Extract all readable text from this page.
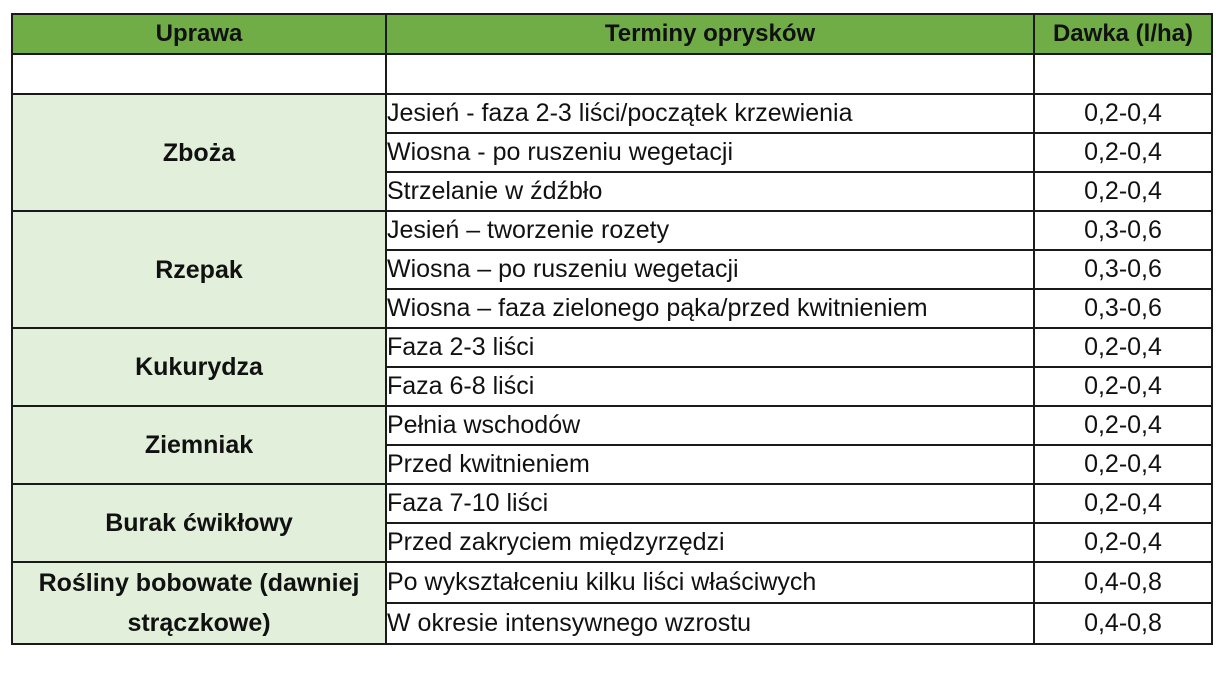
Uprawa	Terminy oprysków	Dawka (l/ha)

Zboża	Jesień - faza 2-3 liści/początek krzewienia	0,2-0,4
	Wiosna - po ruszeniu wegetacji	0,2-0,4
	Strzelanie w źdźbło	0,2-0,4
Rzepak	Jesień – tworzenie rozety	0,3-0,6
	Wiosna – po ruszeniu wegetacji	0,3-0,6
	Wiosna – faza zielonego pąka/przed kwitnieniem	0,3-0,6
Kukurydza	Faza 2-3 liści	0,2-0,4
	Faza 6-8 liści	0,2-0,4
Ziemniak	Pełnia wschodów	0,2-0,4
	Przed kwitnieniem	0,2-0,4
Burak ćwikłowy	Faza 7-10 liści	0,2-0,4
	Przed zakryciem międzyrzędzi	0,2-0,4
Rośliny bobowate (dawniej strączkowe)	Po wykształceniu kilku liści właściwych	0,4-0,8
	W okresie intensywnego wzrostu	0,4-0,8
